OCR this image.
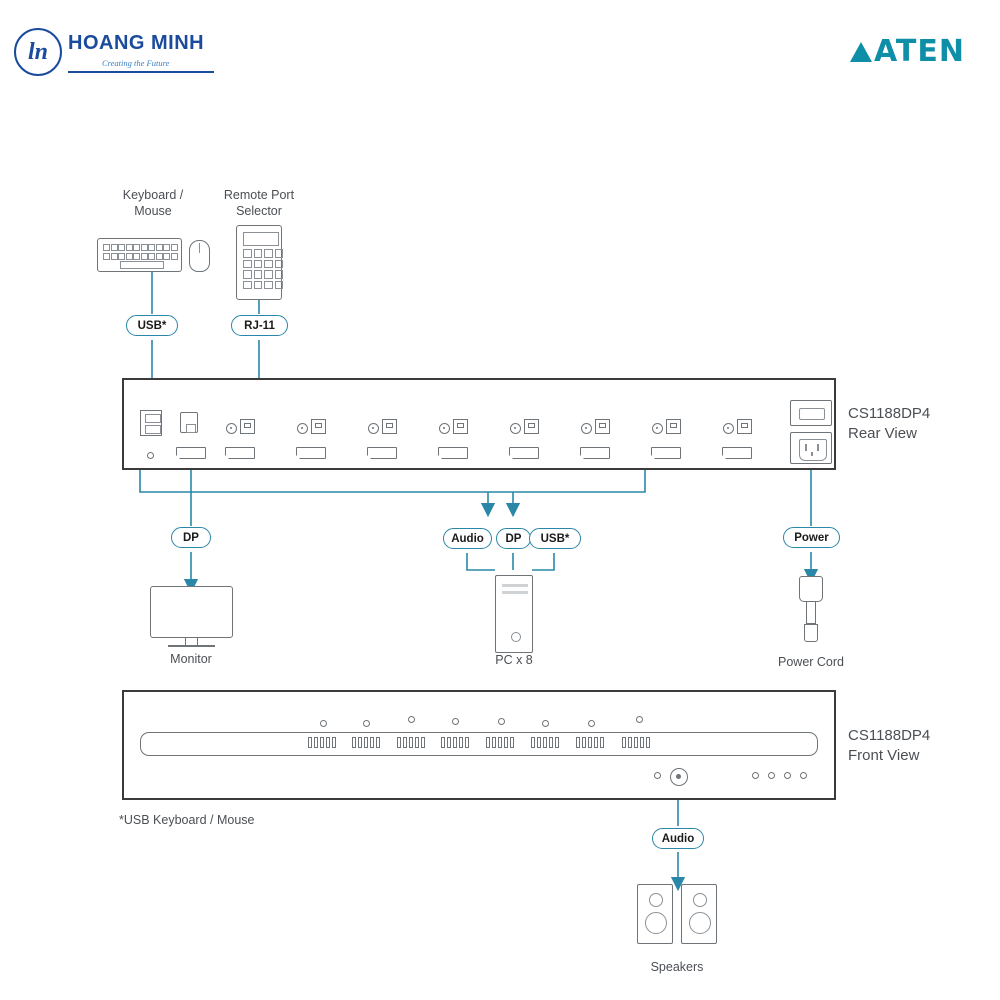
ln	HOANG MINH
Creating the Future	ATEN
Keyboard /
Mouse
Remote Port
Selector
USB*	RJ-11
CS1188DP4
Rear View
DP	Audio	DP	USB*	Power
Monitor	PC x 8	Power Cord
CS1188DP4
Front View
*USB Keyboard / Mouse
Audio
Speakers
